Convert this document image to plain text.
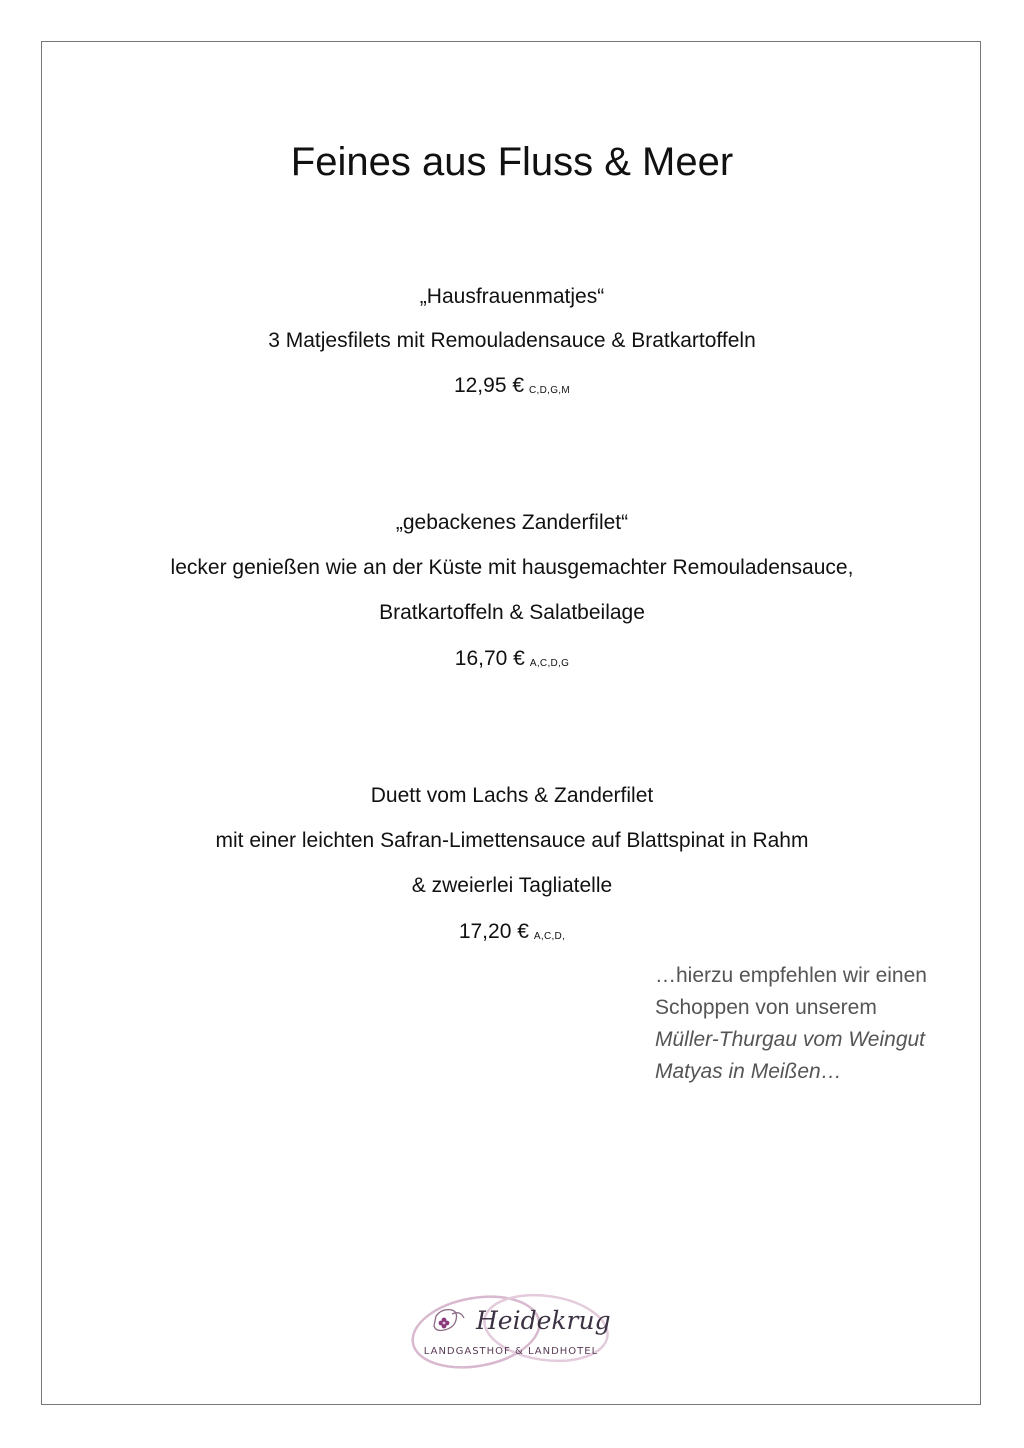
Feines aus Fluss & Meer
„Hausfrauenmatjes“
3 Matjesfilets mit Remouladensauce & Bratkartoffeln
12,95 € C,D,G,M
„gebackenes Zanderfilet“
lecker genießen wie an der Küste mit hausgemachter Remouladensauce,
Bratkartoffeln & Salatbeilage
16,70 € A,C,D,G
Duett vom Lachs & Zanderfilet
mit einer leichten Safran-Limettensauce auf Blattspinat in Rahm
& zweierlei Tagliatelle
17,20 € A,C,D,
…hierzu empfehlen wir einen
Schoppen von unserem
Müller-Thurgau vom Weingut
Matyas in Meißen…
Heidekrug
LANDGASTHOF & LANDHOTEL
